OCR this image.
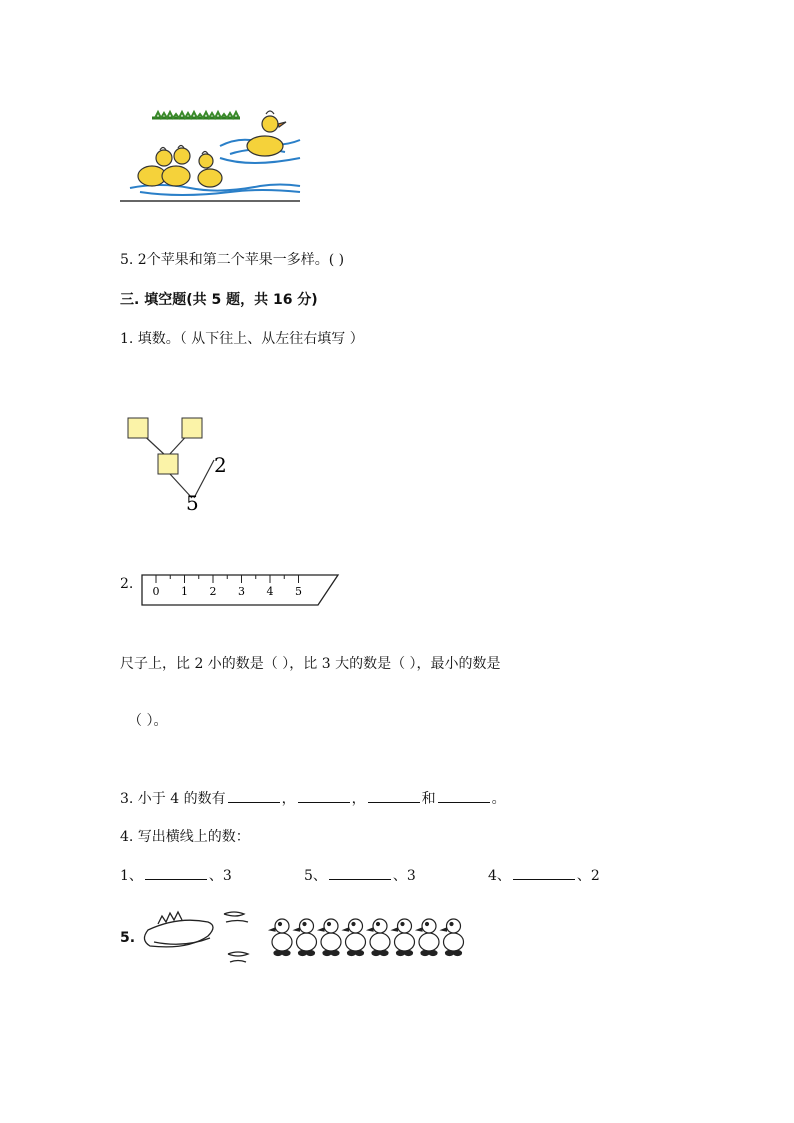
5. 2个苹果和第二个苹果一多样。( )
三. 填空题(共 5 题，共 16 分)
1. 填数。（ 从下往上、从左往右填写 ）
2
5
2. 0 1 2 3 4 5
尺子上，比 2 小的数是（ ），比 3 大的数是（ ），最小的数是
（ ）。
3. 小于 4 的数有	，	，	和	。
4. 写出横线上的数：
1、	、3	5、	、3	4、	、2
5.
